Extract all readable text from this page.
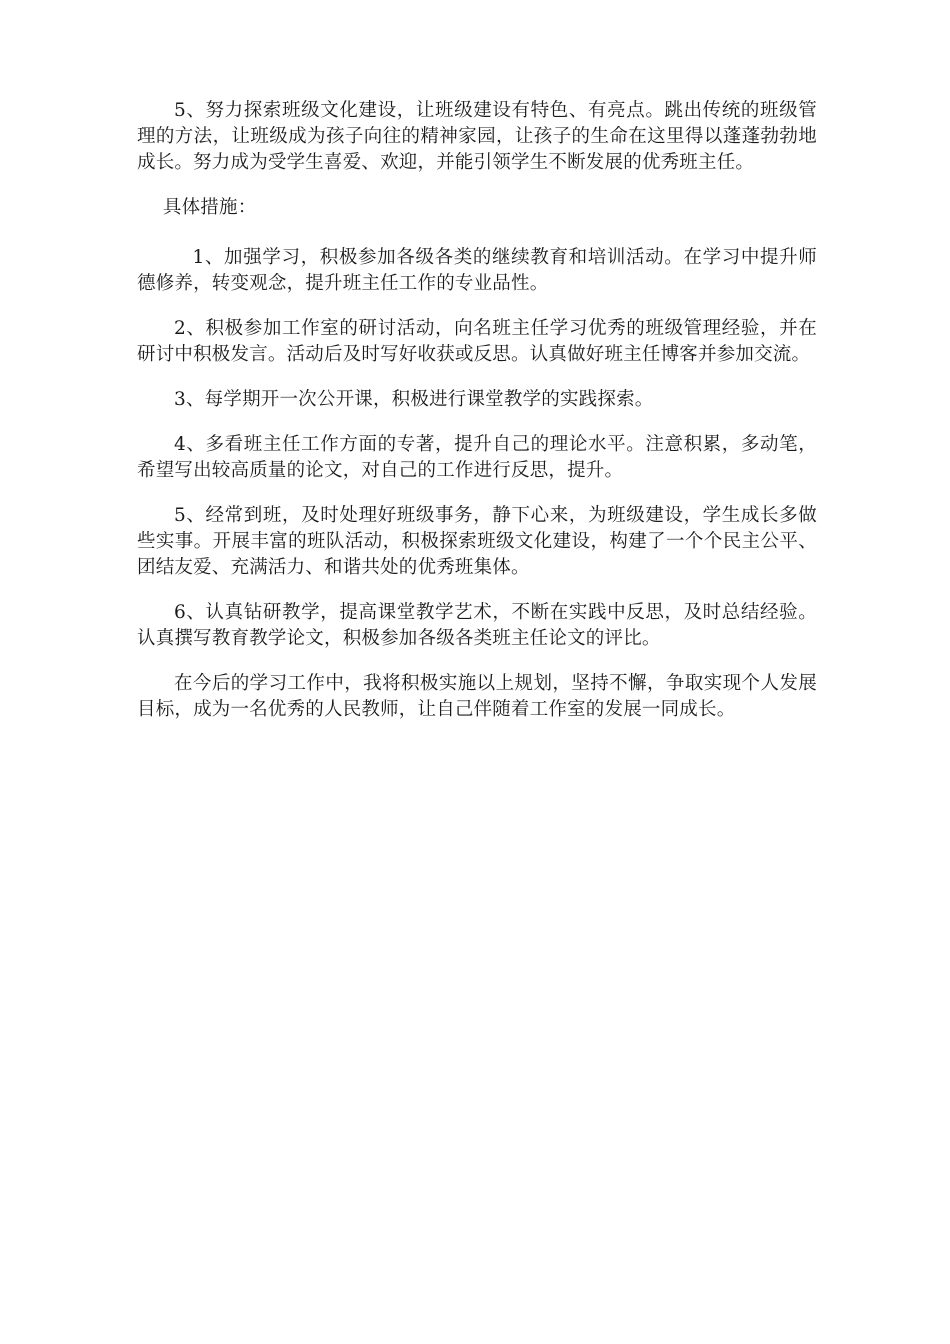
5、努力探索班级文化建设，让班级建设有特色、有亮点。跳出传统的班级管理的方法，让班级成为孩子向往的精神家园，让孩子的生命在这里得以蓬蓬勃勃地成长。努力成为受学生喜爱、欢迎，并能引领学生不断发展的优秀班主任。

具体措施：

1、加强学习，积极参加各级各类的继续教育和培训活动。在学习中提升师德修养，转变观念，提升班主任工作的专业品性。

2、积极参加工作室的研讨活动，向名班主任学习优秀的班级管理经验，并在研讨中积极发言。活动后及时写好收获或反思。认真做好班主任博客并参加交流。

3、每学期开一次公开课，积极进行课堂教学的实践探索。

4、多看班主任工作方面的专著，提升自己的理论水平。注意积累，多动笔，希望写出较高质量的论文，对自己的工作进行反思，提升。

5、经常到班，及时处理好班级事务，静下心来，为班级建设，学生成长多做些实事。开展丰富的班队活动，积极探索班级文化建设，构建了一个个民主公平、团结友爱、充满活力、和谐共处的优秀班集体。

6、认真钻研教学，提高课堂教学艺术，不断在实践中反思，及时总结经验。认真撰写教育教学论文，积极参加各级各类班主任论文的评比。

在今后的学习工作中，我将积极实施以上规划，坚持不懈，争取实现个人发展目标，成为一名优秀的人民教师，让自己伴随着工作室的发展一同成长。
